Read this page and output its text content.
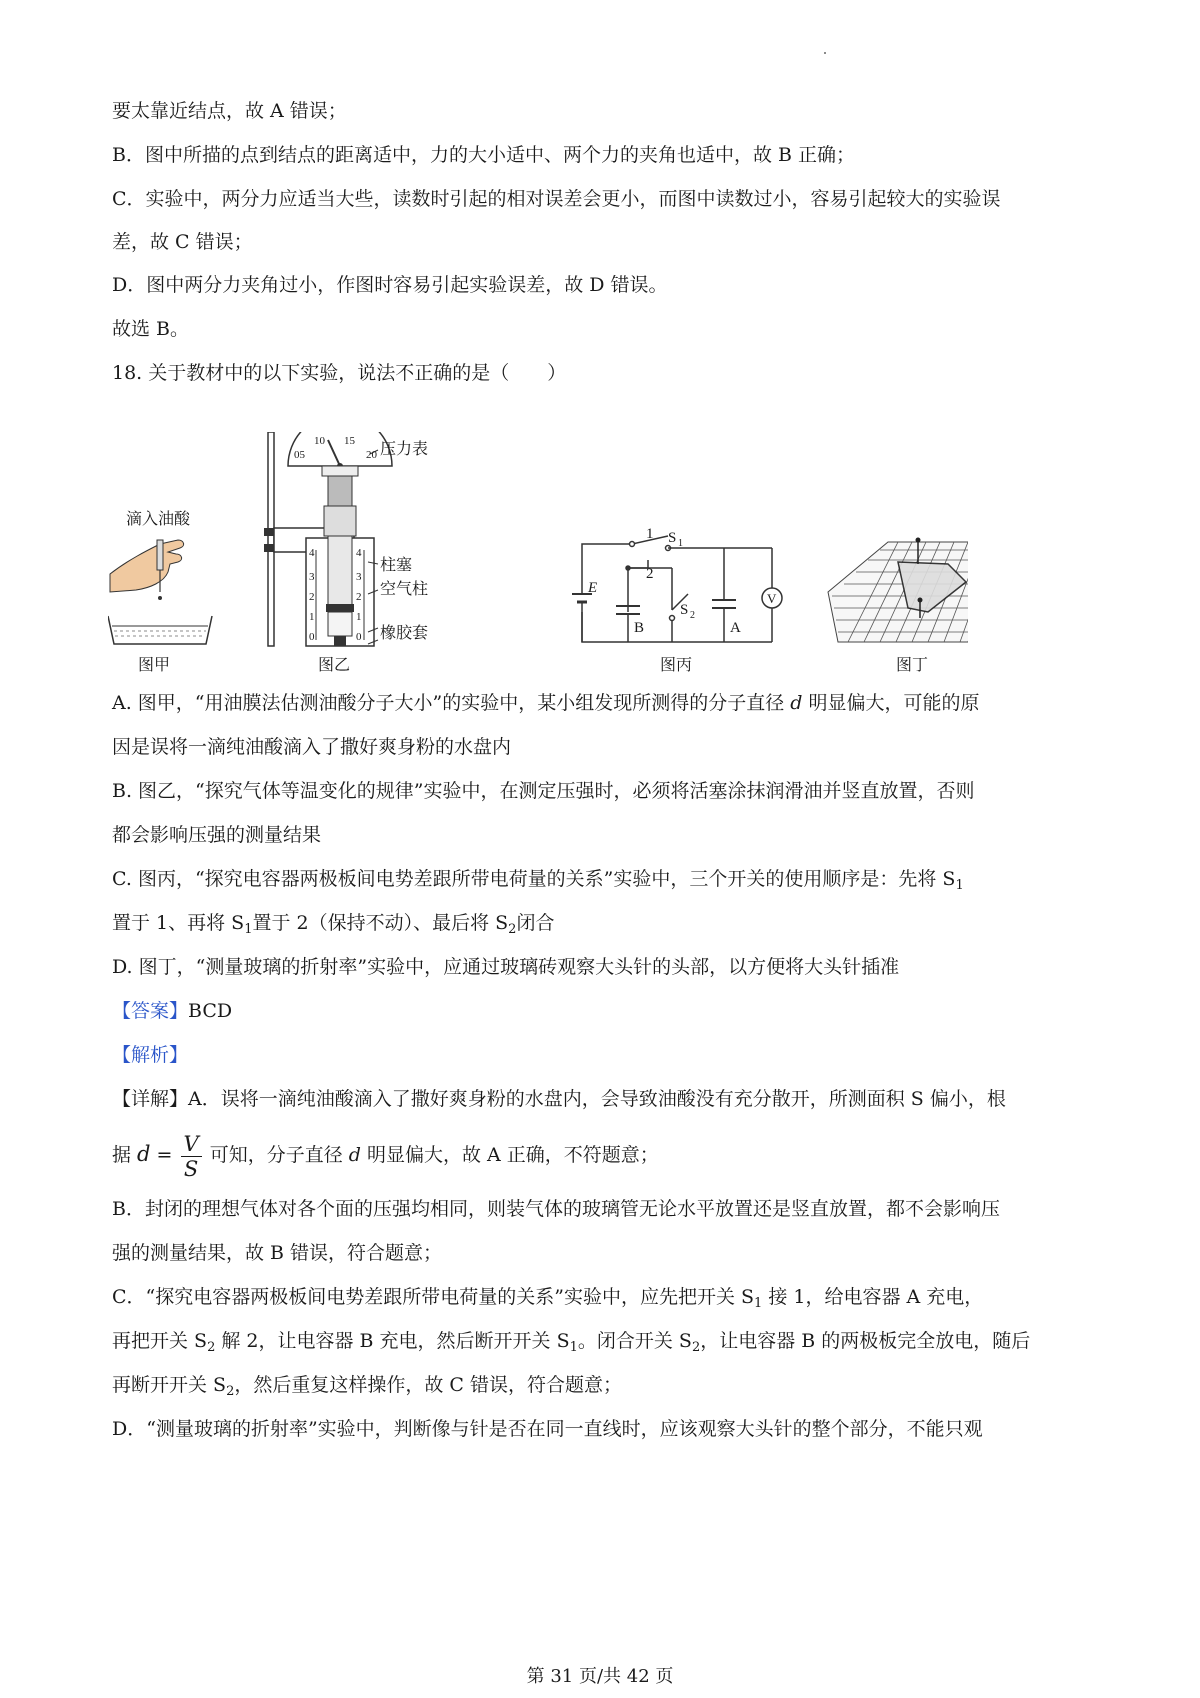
要太靠近结点，故 A 错误；
B．图中所描的点到结点的距离适中，力的大小适中、两个力的夹角也适中，故 B 正确；
C．实验中，两分力应适当大些，读数时引起的相对误差会更小，而图中读数过小，容易引起较大的实验误
差，故 C 错误；
D．图中两分力夹角过小，作图时容易引起实验误差，故 D 错误。
故选 B。
18. 关于教材中的以下实验，说法不正确的是（　　）
滴入油酸
图甲
05
10 15
20
4
3
2
1
0
4
3
2
1
0
压力表
柱塞
空气柱
橡胶套
图乙
1
2
S 1
S 2
E
B	A
V
图丙	图丁
A. 图甲，“用油膜法估测油酸分子大小”的实验中，某小组发现所测得的分子直径 d 明显偏大，可能的原
因是误将一滴纯油酸滴入了撒好爽身粉的水盘内
B. 图乙，“探究气体等温变化的规律”实验中，在测定压强时，必须将活塞涂抹润滑油并竖直放置，否则
都会影响压强的测量结果
C. 图丙，“探究电容器两极板间电势差跟所带电荷量的关系”实验中，三个开关的使用顺序是：先将 $S_1$
置于 1、再将 $S_1$置于 2（保持不动）、最后将 $S_2$闭合
D. 图丁，“测量玻璃的折射率”实验中，应通过玻璃砖观察大头针的头部，以方便将大头针插准
【答案】BCD
【解析】
【详解】A．误将一滴纯油酸滴入了撒好爽身粉的水盘内，会导致油酸没有充分散开，所测面积 S 偏小，根
据 $d = \frac{V}{S}$ 可知，分子直径 d 明显偏大，故 A 正确，不符题意；
B．封闭的理想气体对各个面的压强均相同，则装气体的玻璃管无论水平放置还是竖直放置，都不会影响压
强的测量结果，故 B 错误，符合题意；
C．“探究电容器两极板间电势差跟所带电荷量的关系”实验中，应先把开关 $S_1$ 接 1，给电容器 A 充电，
再把开关 $S_2$ 解 2，让电容器 B 充电，然后断开开关 $S_1$。闭合开关 $S_2$，让电容器 B 的两极板完全放电，随后
再断开开关 $S_2$，然后重复这样操作，故 C 错误，符合题意；
D．“测量玻璃的折射率”实验中，判断像与针是否在同一直线时，应该观察大头针的整个部分，不能只观
第 31 页/共 42 页
